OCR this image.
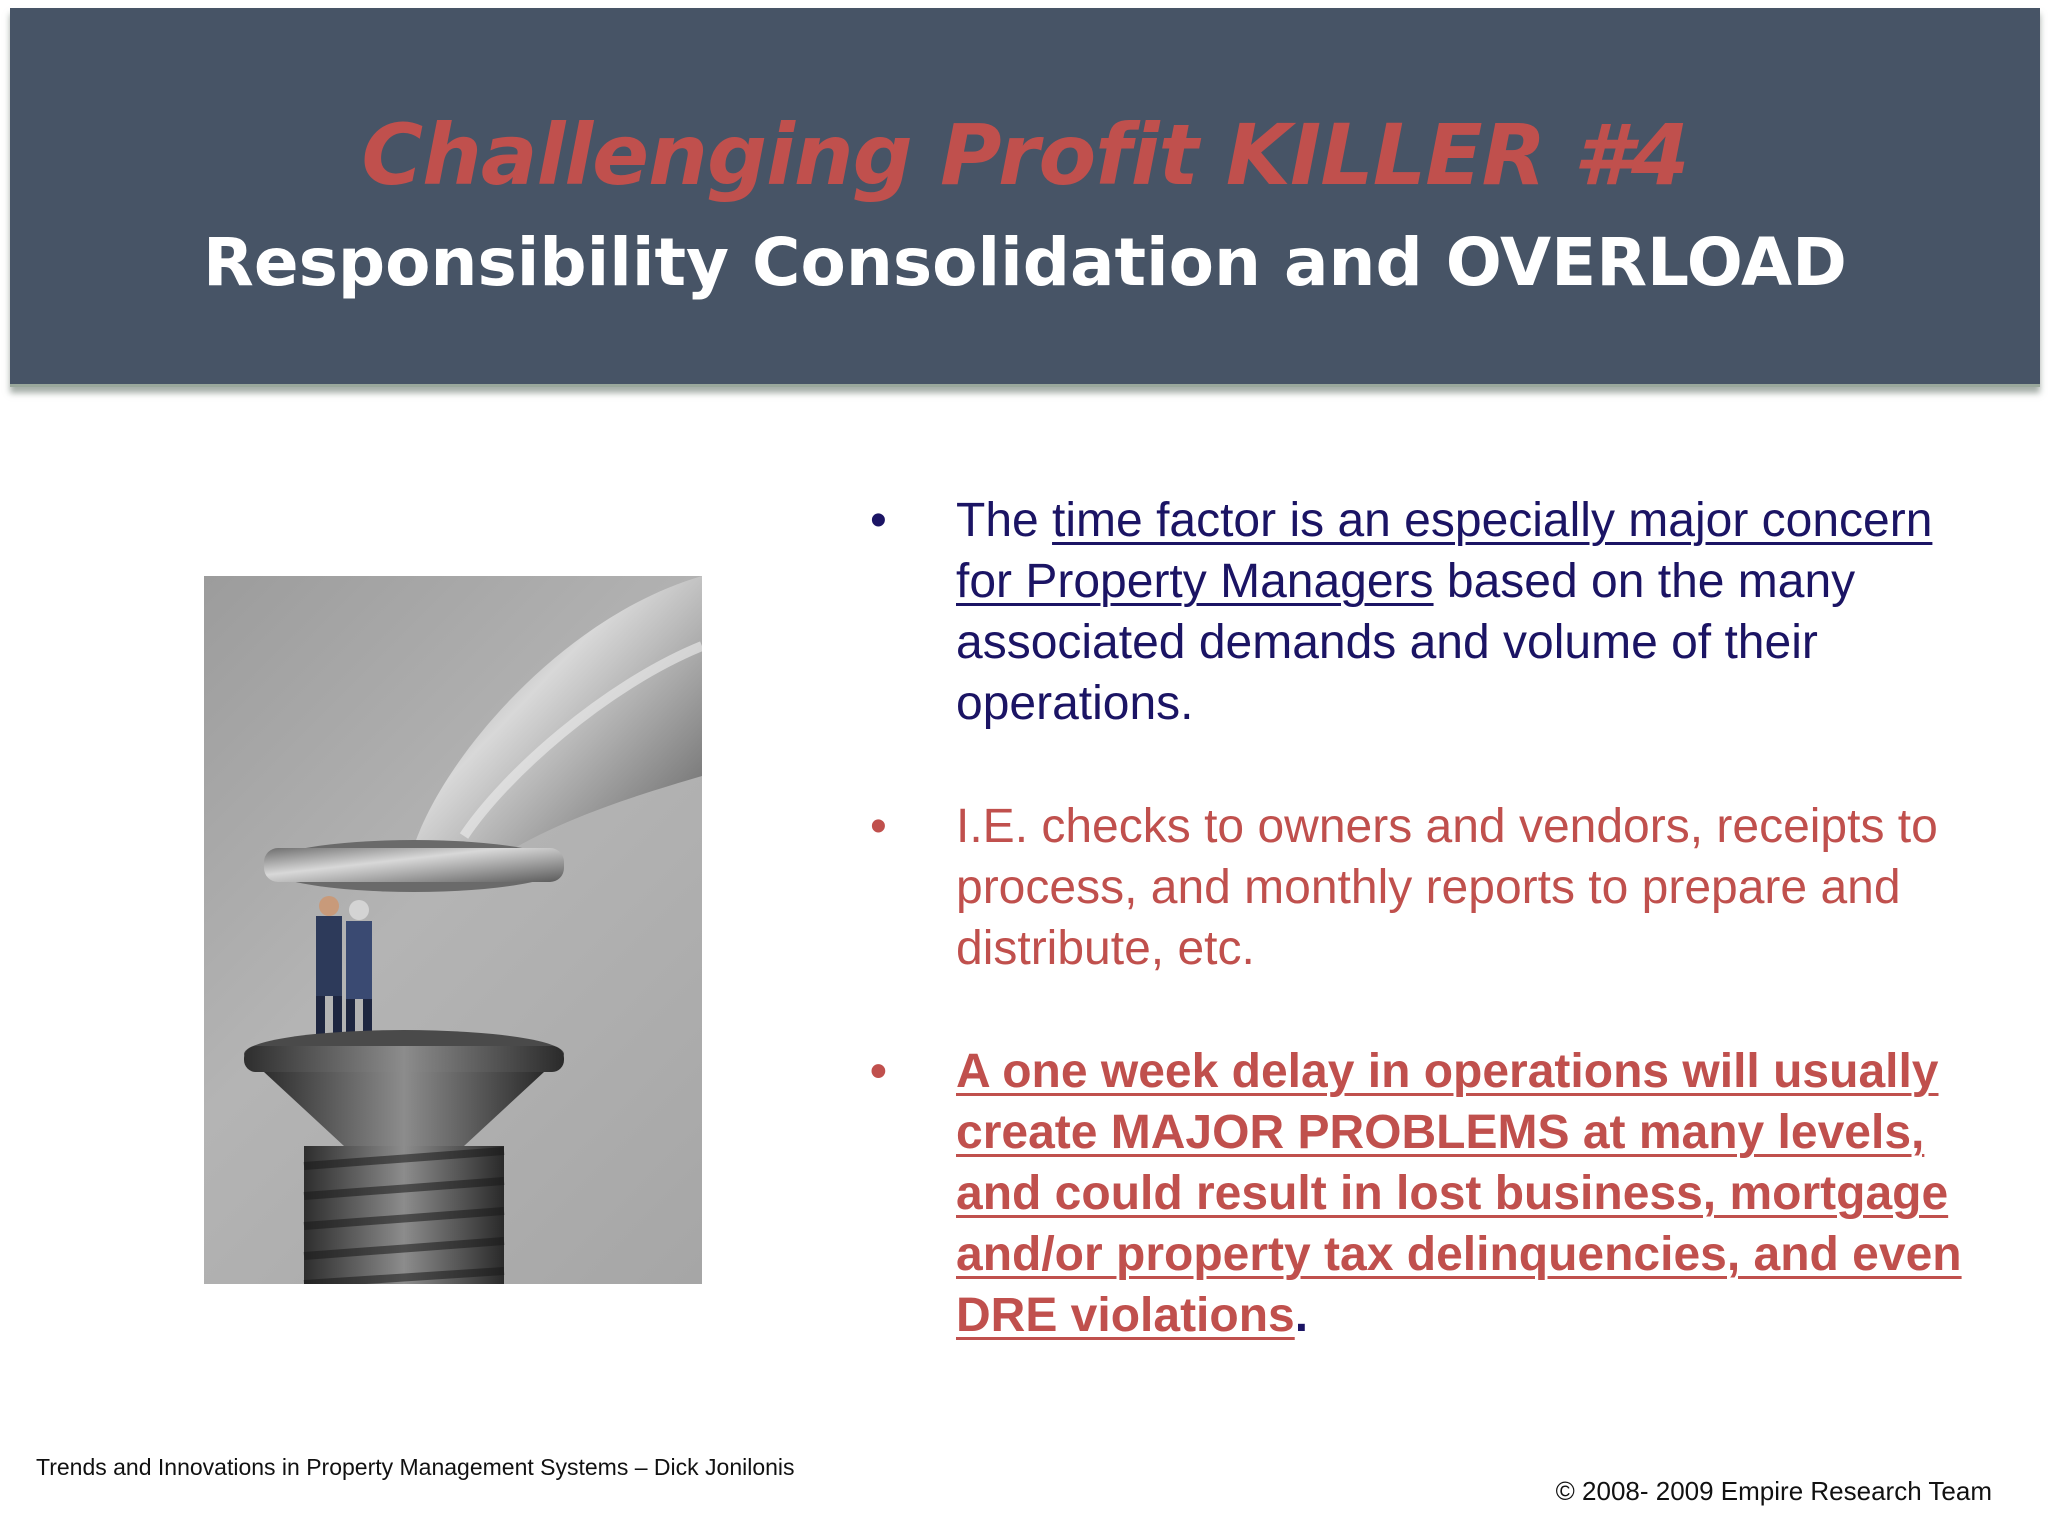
Challenging Profit KILLER #4
Responsibility Consolidation and OVERLOAD
• The time factor is an especially major concern for Property Managers based on the many associated demands and volume of their operations.
• I.E. checks to owners and vendors, receipts to process, and monthly reports to prepare and distribute, etc.
• A one week delay in operations will usually create MAJOR PROBLEMS at many levels, and could result in lost business, mortgage and/or property tax delinquencies, and even DRE violations.
Trends and Innovations in Property Management Systems – Dick Jonilonis
© 2008- 2009 Empire Research Team
